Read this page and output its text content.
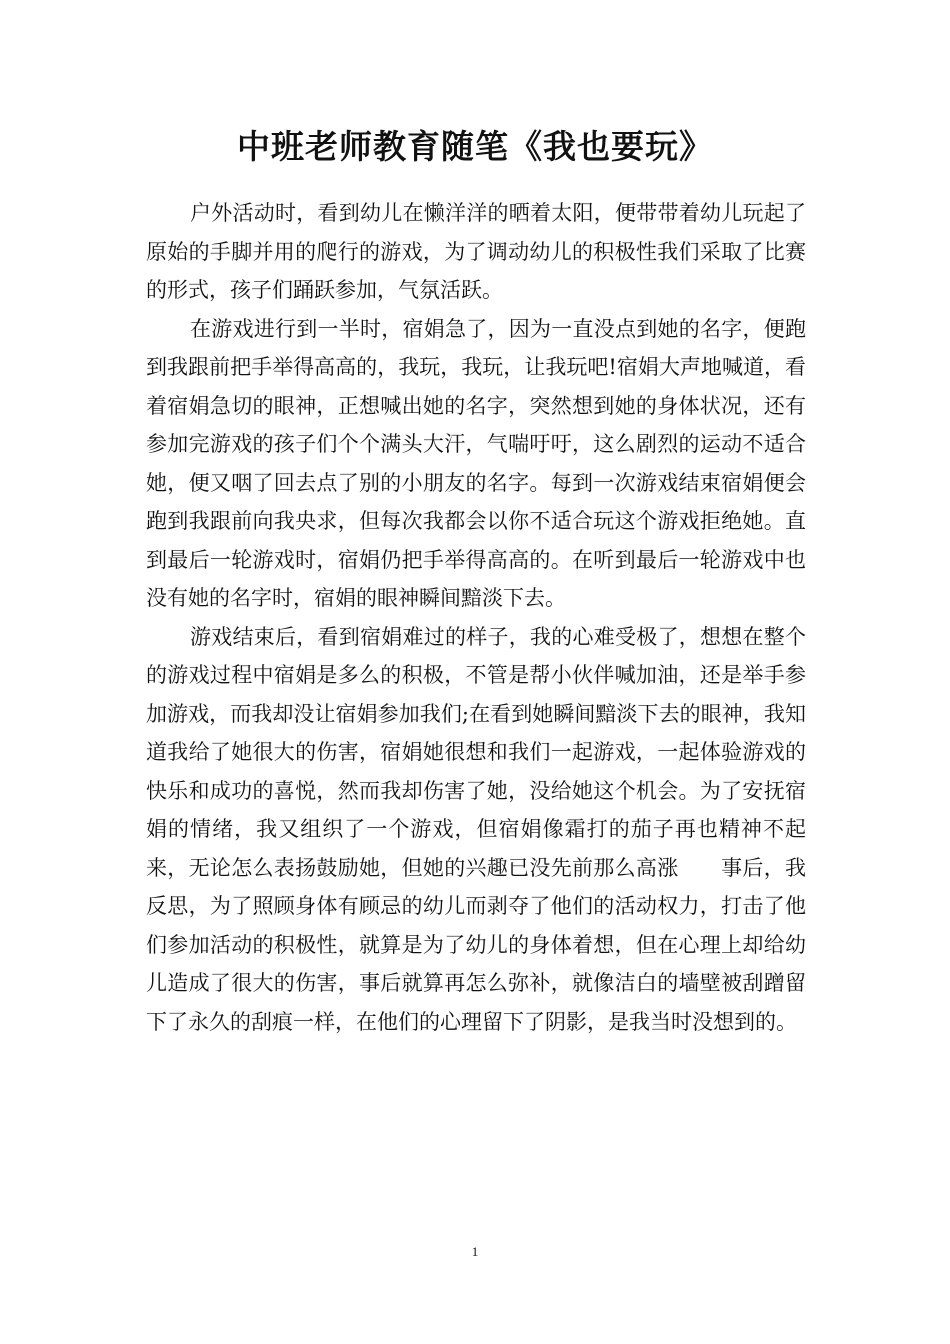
中班老师教育随笔《我也要玩》

户外活动时，看到幼儿在懒洋洋的晒着太阳，便带带着幼儿玩起了原始的手脚并用的爬行的游戏，为了调动幼儿的积极性我们采取了比赛的形式，孩子们踊跃参加，气氛活跃。

在游戏进行到一半时，宿娟急了，因为一直没点到她的名字，便跑到我跟前把手举得高高的，我玩，我玩，让我玩吧!宿娟大声地喊道，看着宿娟急切的眼神，正想喊出她的名字，突然想到她的身体状况，还有参加完游戏的孩子们个个满头大汗，气喘吁吁，这么剧烈的运动不适合她，便又咽了回去点了别的小朋友的名字。每到一次游戏结束宿娟便会跑到我跟前向我央求，但每次我都会以你不适合玩这个游戏拒绝她。直到最后一轮游戏时，宿娟仍把手举得高高的。在听到最后一轮游戏中也没有她的名字时，宿娟的眼神瞬间黯淡下去。

游戏结束后，看到宿娟难过的样子，我的心难受极了，想想在整个的游戏过程中宿娟是多么的积极，不管是帮小伙伴喊加油，还是举手参加游戏，而我却没让宿娟参加我们;在看到她瞬间黯淡下去的眼神，我知道我给了她很大的伤害，宿娟她很想和我们一起游戏，一起体验游戏的快乐和成功的喜悦，然而我却伤害了她，没给她这个机会。为了安抚宿娟的情绪，我又组织了一个游戏，但宿娟像霜打的茄子再也精神不起来，无论怎么表扬鼓励她，但她的兴趣已没先前那么高涨　　事后，我反思，为了照顾身体有顾忌的幼儿而剥夺了他们的活动权力，打击了他们参加活动的积极性，就算是为了幼儿的身体着想，但在心理上却给幼儿造成了很大的伤害，事后就算再怎么弥补，就像洁白的墙壁被刮蹭留下了永久的刮痕一样，在他们的心理留下了阴影，是我当时没想到的。

1
